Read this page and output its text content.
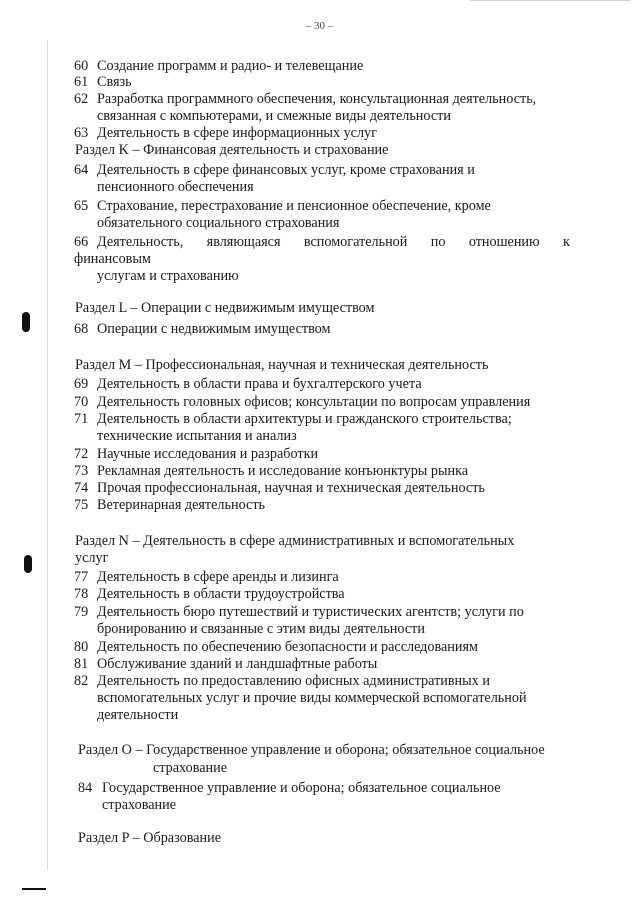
– 30 –
60 Создание программ и радио- и телевещание
61 Связь
62 Разработка программного обеспечения, консультационная деятельность,
связанная с компьютерами, и смежные виды деятельности
63 Деятельность в сфере информационных услуг
Раздел K – Финансовая деятельность и страхование
64 Деятельность в сфере финансовых услуг, кроме страхования и
пенсионного обеспечения
65 Страхование, перестрахование и пенсионное обеспечение, кроме
обязательного социального страхования
66 Деятельность, являющаяся вспомогательной по отношению к
финансовым
услугам и страхованию
Раздел L – Операции с недвижимым имуществом
68 Операции с недвижимым имуществом
Раздел M – Профессиональная, научная и техническая деятельность
69 Деятельность в области права и бухгалтерского учета
70 Деятельность головных офисов; консультации по вопросам управления
71 Деятельность в области архитектуры и гражданского строительства;
технические испытания и анализ
72 Научные исследования и разработки
73 Рекламная деятельность и исследование конъюнктуры рынка
74 Прочая профессиональная, научная и техническая деятельность
75 Ветеринарная деятельность
Раздел N – Деятельность в сфере административных и вспомогательных
услуг
77 Деятельность в сфере аренды и лизинга
78 Деятельность в области трудоустройства
79 Деятельность бюро путешествий и туристических агентств; услуги по
бронированию и связанные с этим виды деятельности
80 Деятельность по обеспечению безопасности и расследованиям
81 Обслуживание зданий и ландшафтные работы
82 Деятельность по предоставлению офисных административных и
вспомогательных услуг и прочие виды коммерческой вспомогательной
деятельности
Раздел O – Государственное управление и оборона; обязательное социальное
страхование
84 Государственное управление и оборона; обязательное социальное
страхование
Раздел P – Образование
